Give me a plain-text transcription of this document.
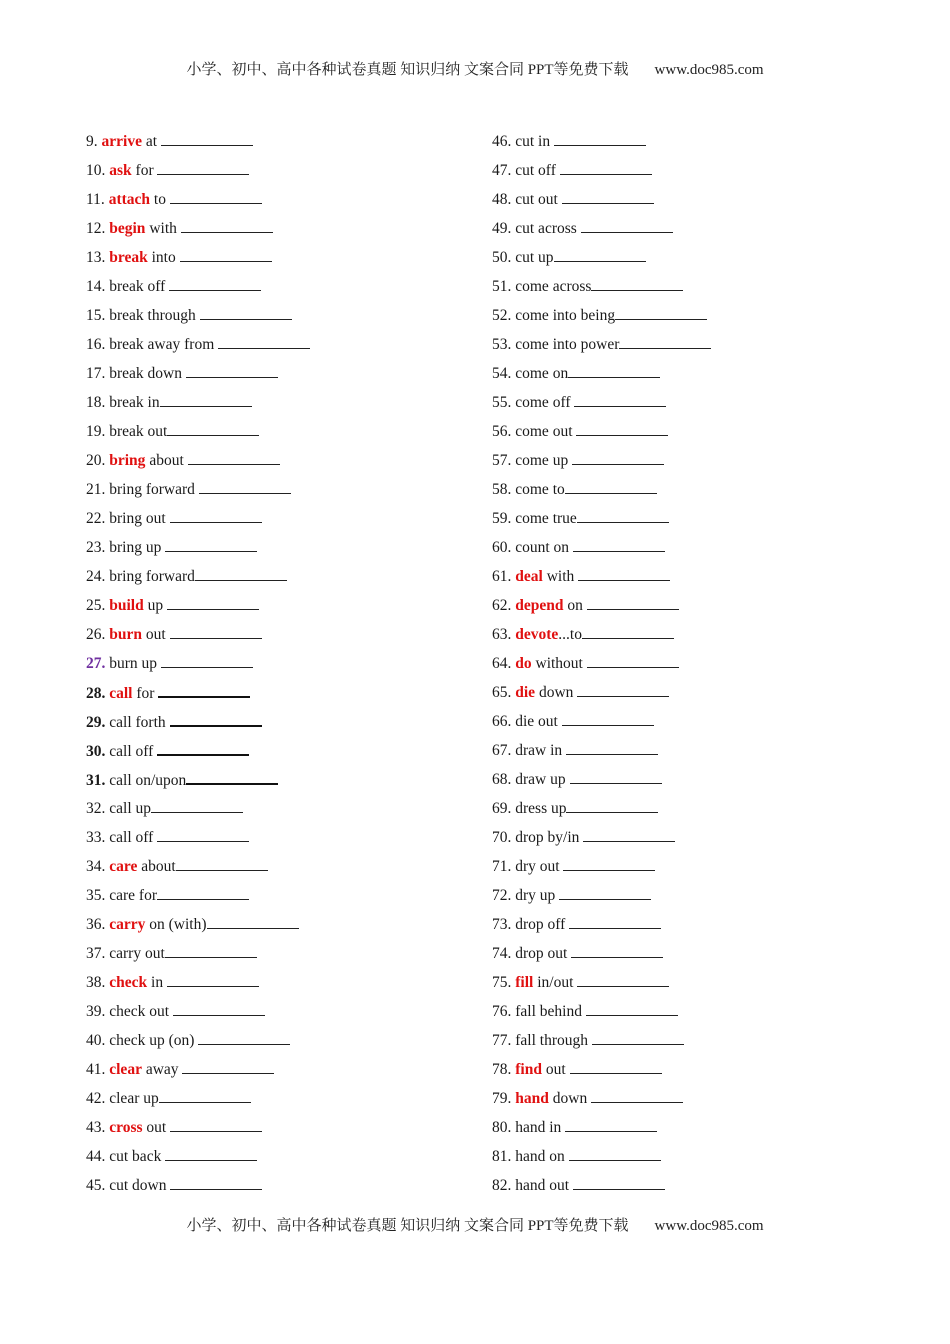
小学、初中、高中各种试卷真题 知识归纳 文案合同 PPT等免费下载 www.doc985.com
9. arrive at
10. ask for
11. attach to
12. begin with
13. break into
14. break off
15. break through
16. break away from
17. break down
18. break in
19. break out
20. bring about
21. bring forward
22. bring out
23. bring up
24. bring forward
25. build up
26. burn out
27. burn up
28. call for
29. call forth
30. call off
31. call on/upon
32. call up
33. call off
34. care about
35. care for
36. carry on (with)
37. carry out
38. check in
39. check out
40. check up (on)
41. clear away
42. clear up
43. cross out
44. cut back
45. cut down
46. cut in
47. cut off
48. cut out
49. cut across
50. cut up
51. come across
52. come into being
53. come into power
54. come on
55. come off
56. come out
57. come up
58. come to
59. come true
60. count on
61. deal with
62. depend on
63. devote...to
64. do without
65. die down
66. die out
67. draw in
68. draw up
69. dress up
70. drop by/in
71. dry out
72. dry up
73. drop off
74. drop out
75. fill in/out
76. fall behind
77. fall through
78. find out
79. hand down
80. hand in
81. hand on
82. hand out
小学、初中、高中各种试卷真题 知识归纳 文案合同 PPT等免费下载 www.doc985.com
